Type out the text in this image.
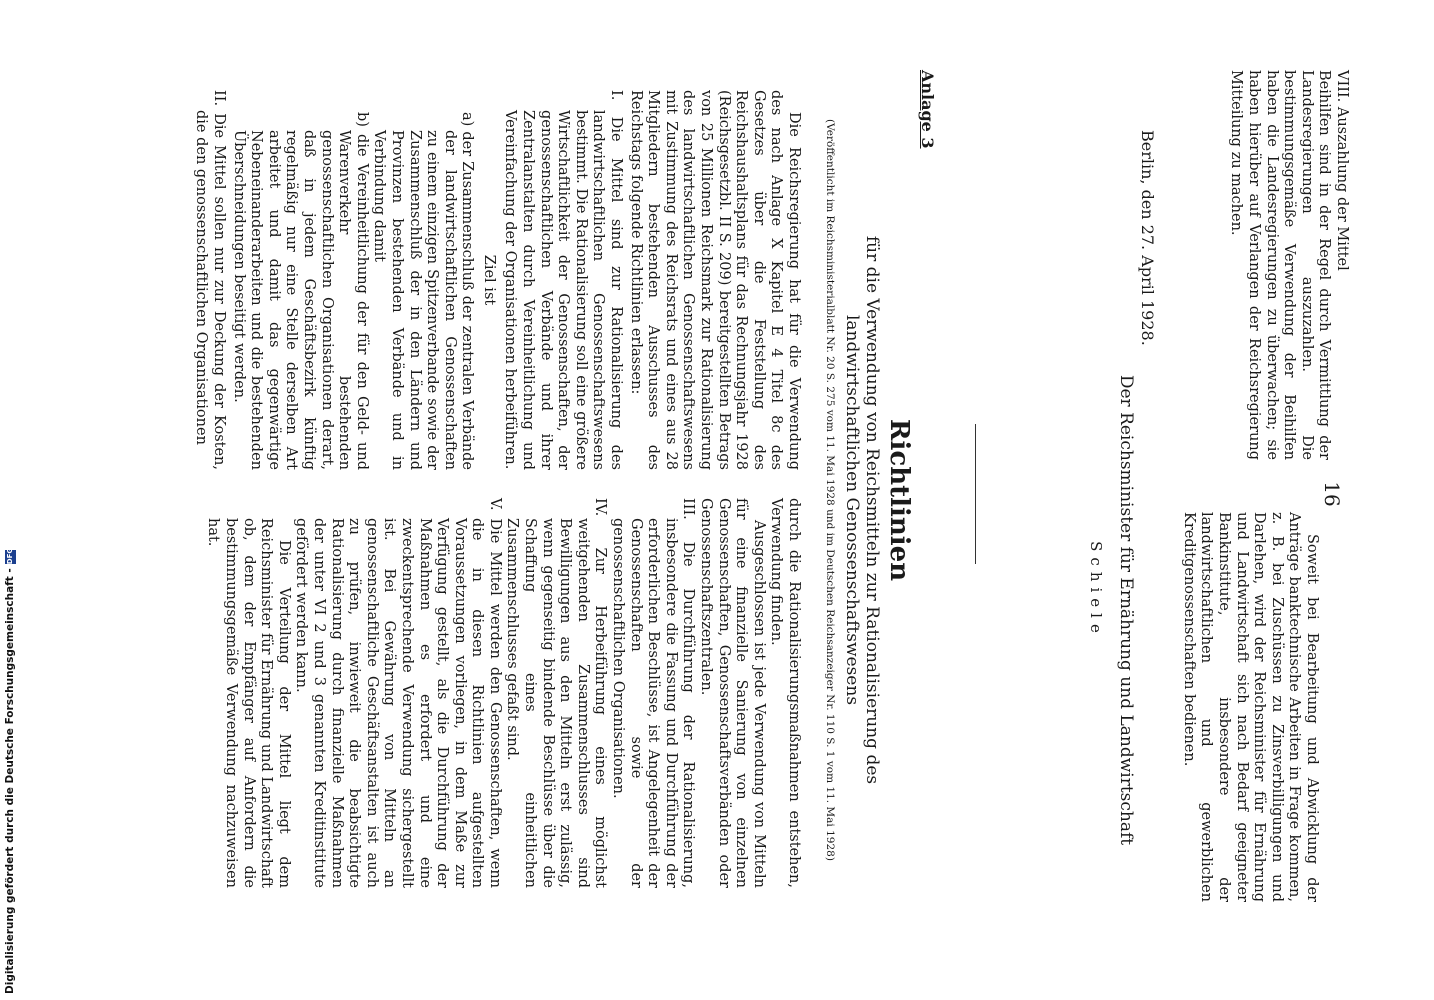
16
VIII. Auszahlung der Mittel
Beihilfen sind in der Regel durch Vermittlung der Landesregierungen auszuzahlen. Die bestimmungsgemäße Verwendung der Beihilfen haben die Landesregierungen zu überwachen; sie haben hierüber auf Verlangen der Reichsregierung Mitteilung zu machen.
Soweit bei Bearbeitung und Abwicklung der Anträge banktechnische Arbeiten in Frage kommen, z. B. bei Zuschüssen zu Zinsverbilligungen und Darlehen, wird der Reichsminister für Ernährung und Landwirtschaft sich nach Bedarf geeigneter Bankinstitute, insbesondere der landwirtschaftlichen und gewerblichen Kreditgenossenschaften bedienen.
Berlin, den 27. April 1928.
Der Reichsminister für Ernährung und Landwirtschaft
Schiele
Anlage 3
Richtlinien
für die Verwendung von Reichsmitteln zur Rationalisierung des landwirtschaftlichen Genossenschaftswesens
(Veröffentlicht im Reichsministerialblatt Nr. 20 S. 275 vom 11. Mai 1928 und im Deutschen Reichsanzeiger Nr. 110 S. 1 vom 11. Mai 1928)

Die Reichsregierung hat für die Verwendung des nach Anlage X Kapitel E 4 Titel 8c des Gesetzes über die Feststellung des Reichshaushaltsplans für das Rechnungsjahr 1928 (Reichsgesetzbl. II S. 209) bereitgestellten Betrags von 25 Millionen Reichsmark zur Rationalisierung des landwirtschaftlichen Genossenschaftswesens mit Zustimmung des Reichsrats und eines aus 28 Mitgliedern bestehenden Ausschusses des Reichstags folgende Richtlinien erlassen:

I. Die Mittel sind zur Rationalisierung des landwirtschaftlichen Genossenschaftswesens bestimmt. Die Rationalisierung soll eine größere Wirtschaftlichkeit der Genossenschaften, der genossenschaftlichen Verbände und ihrer Zentralanstalten durch Vereinheitlichung und Vereinfachung der Organisationen herbeiführen.

Ziel ist

a) der Zusammenschluß der zentralen Verbände der landwirtschaftlichen Genossenschaften zu einem einzigen Spitzenverbande sowie der Zusammenschluß der in den Ländern und Provinzen bestehenden Verbände und in Verbindung damit

b) die Vereinheitlichung der für den Geld- und Warenverkehr bestehenden genossenschaftlichen Organisationen derart, daß in jedem Geschäftsbezirk künftig regelmäßig nur eine Stelle derselben Art arbeitet und damit das gegenwärtige Nebeneinanderarbeiten und die bestehenden Überschneidungen beseitigt werden.

II. Die Mittel sollen nur zur Deckung der Kosten, die den genossenschaftlichen Organisationen

durch die Rationalisierungsmaßnahmen entstehen, Verwendung finden.

Ausgeschlossen ist jede Verwendung von Mitteln für eine finanzielle Sanierung von einzelnen Genossenschaften, Genossenschaftsverbänden oder Genossenschaftszentralen.

III. Die Durchführung der Rationalisierung, insbesondere die Fassung und Durchführung der erforderlichen Beschlüsse, ist Angelegenheit der Genossenschaften sowie der genossenschaftlichen Organisationen.

IV. Zur Herbeiführung eines möglichst weitgehenden Zusammenschlusses sind Bewilligungen aus den Mitteln erst zulässig, wenn gegenseitig bindende Beschlüsse über die Schaffung eines einheitlichen Zusammenschlusses gefaßt sind.

V. Die Mittel werden den Genossenschaften, wenn die in diesen Richtlinien aufgestellten Voraussetzungen vorliegen, in dem Maße zur Verfügung gestellt, als die Durchführung der Maßnahmen es erfordert und eine zweckentsprechende Verwendung sichergestellt ist. Bei Gewährung von Mitteln an genossenschaftliche Geschäftsanstalten ist auch zu prüfen, inwieweit die beabsichtigte Rationalisierung durch finanzielle Maßnahmen der unter VI 2 und 3 genannten Kreditinstitute gefördert werden kann.

Die Verteilung der Mittel liegt dem Reichsminister für Ernährung und Landwirtschaft ob, dem der Empfänger auf Anfordern die bestimmungsgemäße Verwendung nachzuweisen hat.

Digitalisierung gefördert durch die Deutsche Forschungsgemeinschaft -DFG
